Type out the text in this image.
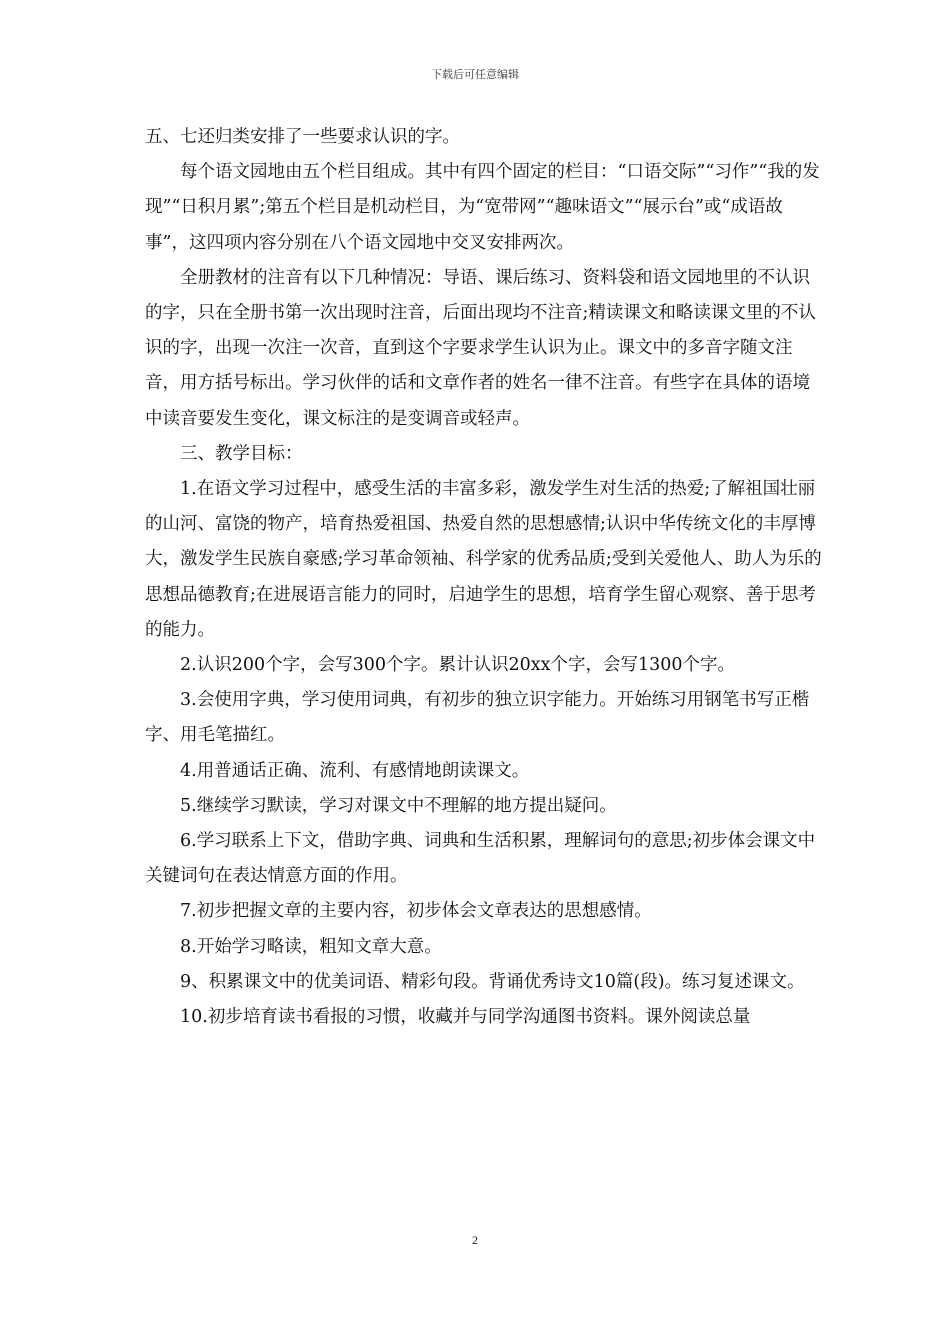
下载后可任意编辑

五、七还归类安排了一些要求认识的字。

每个语文园地由五个栏目组成。其中有四个固定的栏目：“口语交际”“习作”“我的发现”“日积月累”;第五个栏目是机动栏目，为“宽带网”“趣味语文”“展示台”或“成语故事”，这四项内容分别在八个语文园地中交叉安排两次。

全册教材的注音有以下几种情况：导语、课后练习、资料袋和语文园地里的不认识的字，只在全册书第一次出现时注音，后面出现均不注音;精读课文和略读课文里的不认识的字，出现一次注一次音，直到这个字要求学生认识为止。课文中的多音字随文注音，用方括号标出。学习伙伴的话和文章作者的姓名一律不注音。有些字在具体的语境中读音要发生变化，课文标注的是变调音或轻声。

三、教学目标：

1.在语文学习过程中，感受生活的丰富多彩，激发学生对生活的热爱;了解祖国壮丽的山河、富饶的物产，培育热爱祖国、热爱自然的思想感情;认识中华传统文化的丰厚博大，激发学生民族自豪感;学习革命领袖、科学家的优秀品质;受到关爱他人、助人为乐的思想品德教育;在进展语言能力的同时，启迪学生的思想，培育学生留心观察、善于思考的能力。

2.认识200个字，会写300个字。累计认识20xx个字，会写1300个字。

3.会使用字典，学习使用词典，有初步的独立识字能力。开始练习用钢笔书写正楷字、用毛笔描红。

4.用普通话正确、流利、有感情地朗读课文。

5.继续学习默读，学习对课文中不理解的地方提出疑问。

6.学习联系上下文，借助字典、词典和生活积累，理解词句的意思;初步体会课文中关键词句在表达情意方面的作用。

7.初步把握文章的主要内容，初步体会文章表达的思想感情。

8.开始学习略读，粗知文章大意。

9、积累课文中的优美词语、精彩句段。背诵优秀诗文10篇(段)。练习复述课文。

10.初步培育读书看报的习惯，收藏并与同学沟通图书资料。课外阅读总量

2
